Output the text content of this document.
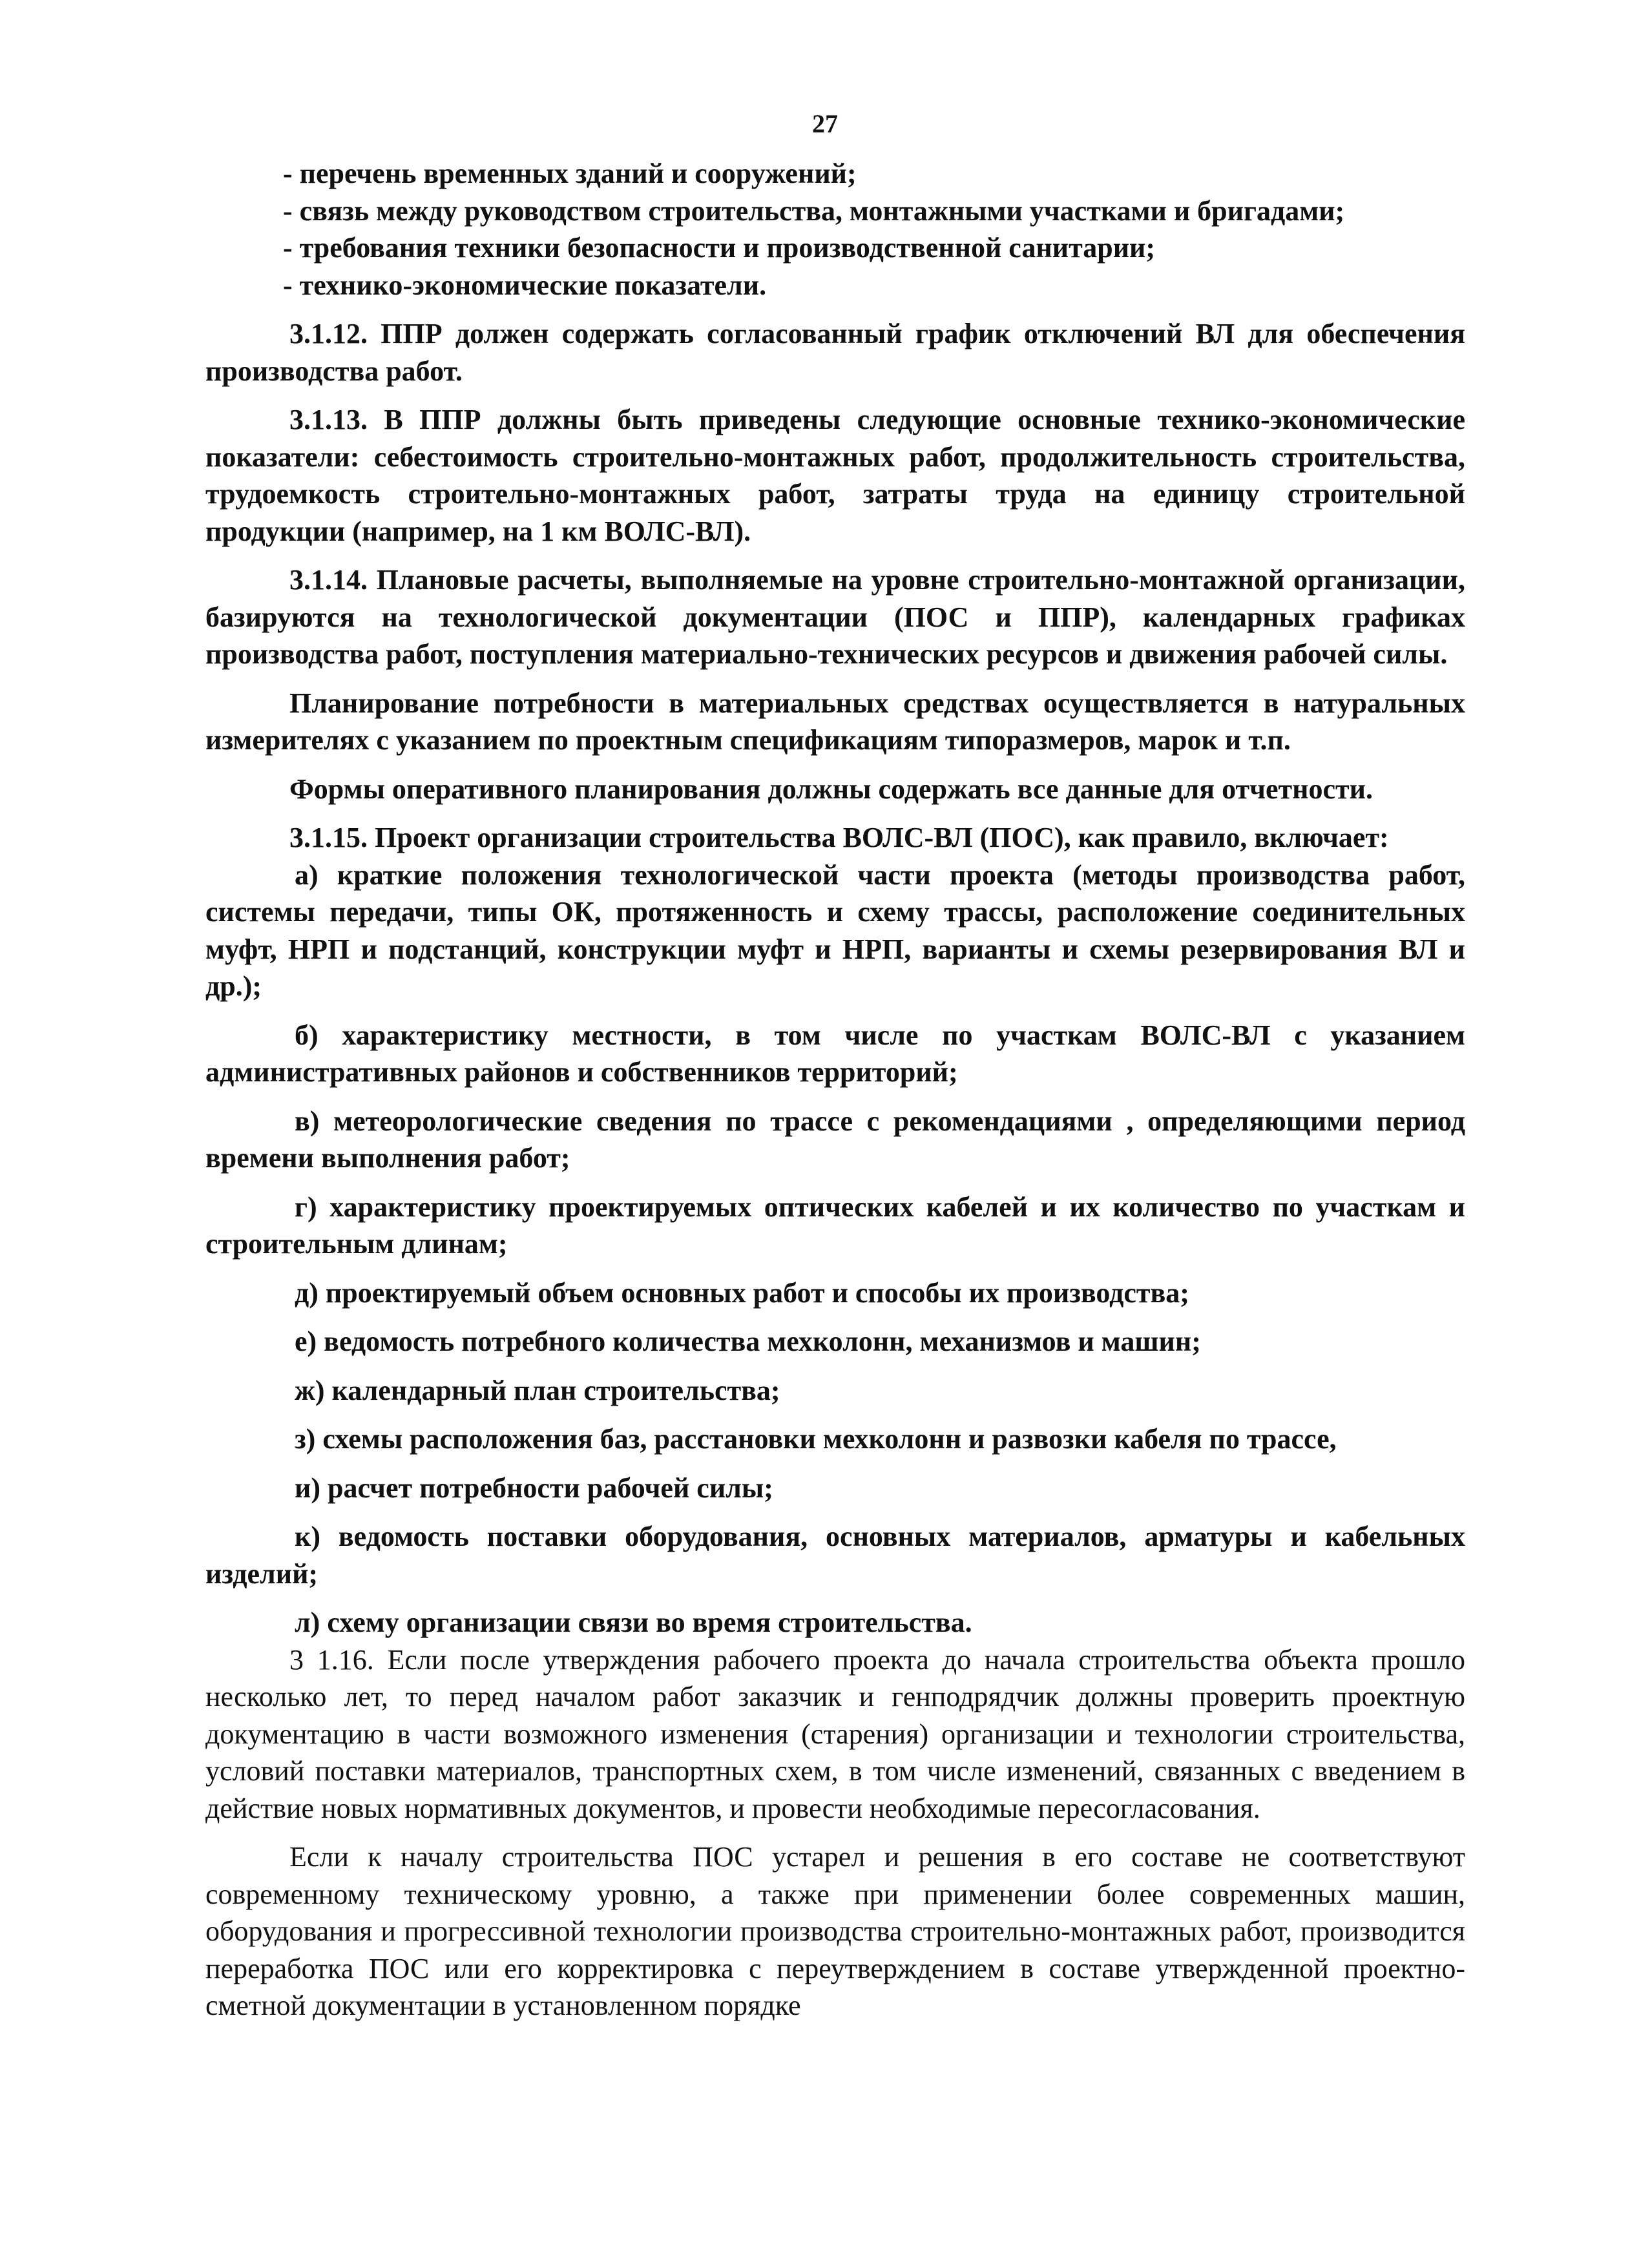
27

- перечень временных зданий и сооружений;

- связь между руководством строительства, монтажными участками и бригадами;

- требования техники безопасности и производственной санитарии;

- технико-экономические показатели.

3.1.12. ППР должен содержать согласованный график отключений ВЛ для обеспечения производства работ.

3.1.13. В ППР должны быть приведены следующие основные технико-экономические показатели: себестоимость строительно-монтажных работ, продолжительность строительства, трудоемкость строительно-монтажных работ, затраты труда на единицу строительной продукции (например, на 1 км ВОЛС-ВЛ).

3.1.14. Плановые расчеты, выполняемые на уровне строительно-монтажной организации, базируются на технологической документации (ПОС и ППР), календарных графиках производства работ, поступления материально-технических ресурсов и движения рабочей силы.

Планирование потребности в материальных средствах осуществляется в натуральных измерителях с указанием по проектным спецификациям типоразмеров, марок и т.п.

Формы оперативного планирования должны содержать все данные для отчетности.

3.1.15. Проект организации строительства ВОЛС-ВЛ (ПОС), как правило, включает:

а) краткие положения технологической части проекта (методы производства работ, системы передачи, типы ОК, протяженность и схему трассы, расположение соединительных муфт, НРП и подстанций, конструкции муфт и НРП, варианты и схемы резервирования ВЛ и др.);

б) характеристику местности, в том числе по участкам ВОЛС-ВЛ с указанием административных районов и собственников территорий;

в) метеорологические сведения по трассе с рекомендациями , определяющими период времени выполнения работ;

г) характеристику проектируемых оптических кабелей и их количество по участкам и строительным длинам;

д) проектируемый объем основных работ и способы их производства;

е) ведомость потребного количества мехколонн, механизмов и машин;

ж) календарный план строительства;

з) схемы расположения баз, расстановки мехколонн и развозки кабеля по трассе,

и) расчет потребности рабочей силы;

к) ведомость поставки оборудования, основных материалов, арматуры и кабельных изделий;

л) схему организации связи во время строительства.

3 1.16. Если после утверждения рабочего проекта до начала строительства объекта прошло несколько лет, то перед началом работ заказчик и генподрядчик должны проверить проектную документацию в части возможного изменения (старения) организации и технологии строительства, условий поставки материалов, транспортных схем, в том числе изменений, связанных с введением в действие новых нормативных документов, и провести необходимые пересогласования.

Если к началу строительства ПОС устарел и решения в его составе не соответствуют современному техническому уровню, а также при применении более современных машин, оборудования и прогрессивной технологии производства строительно-монтажных работ, производится переработка ПОС или его корректировка с переутверждением в составе утвержденной проектно-сметной документации в установленном порядке
